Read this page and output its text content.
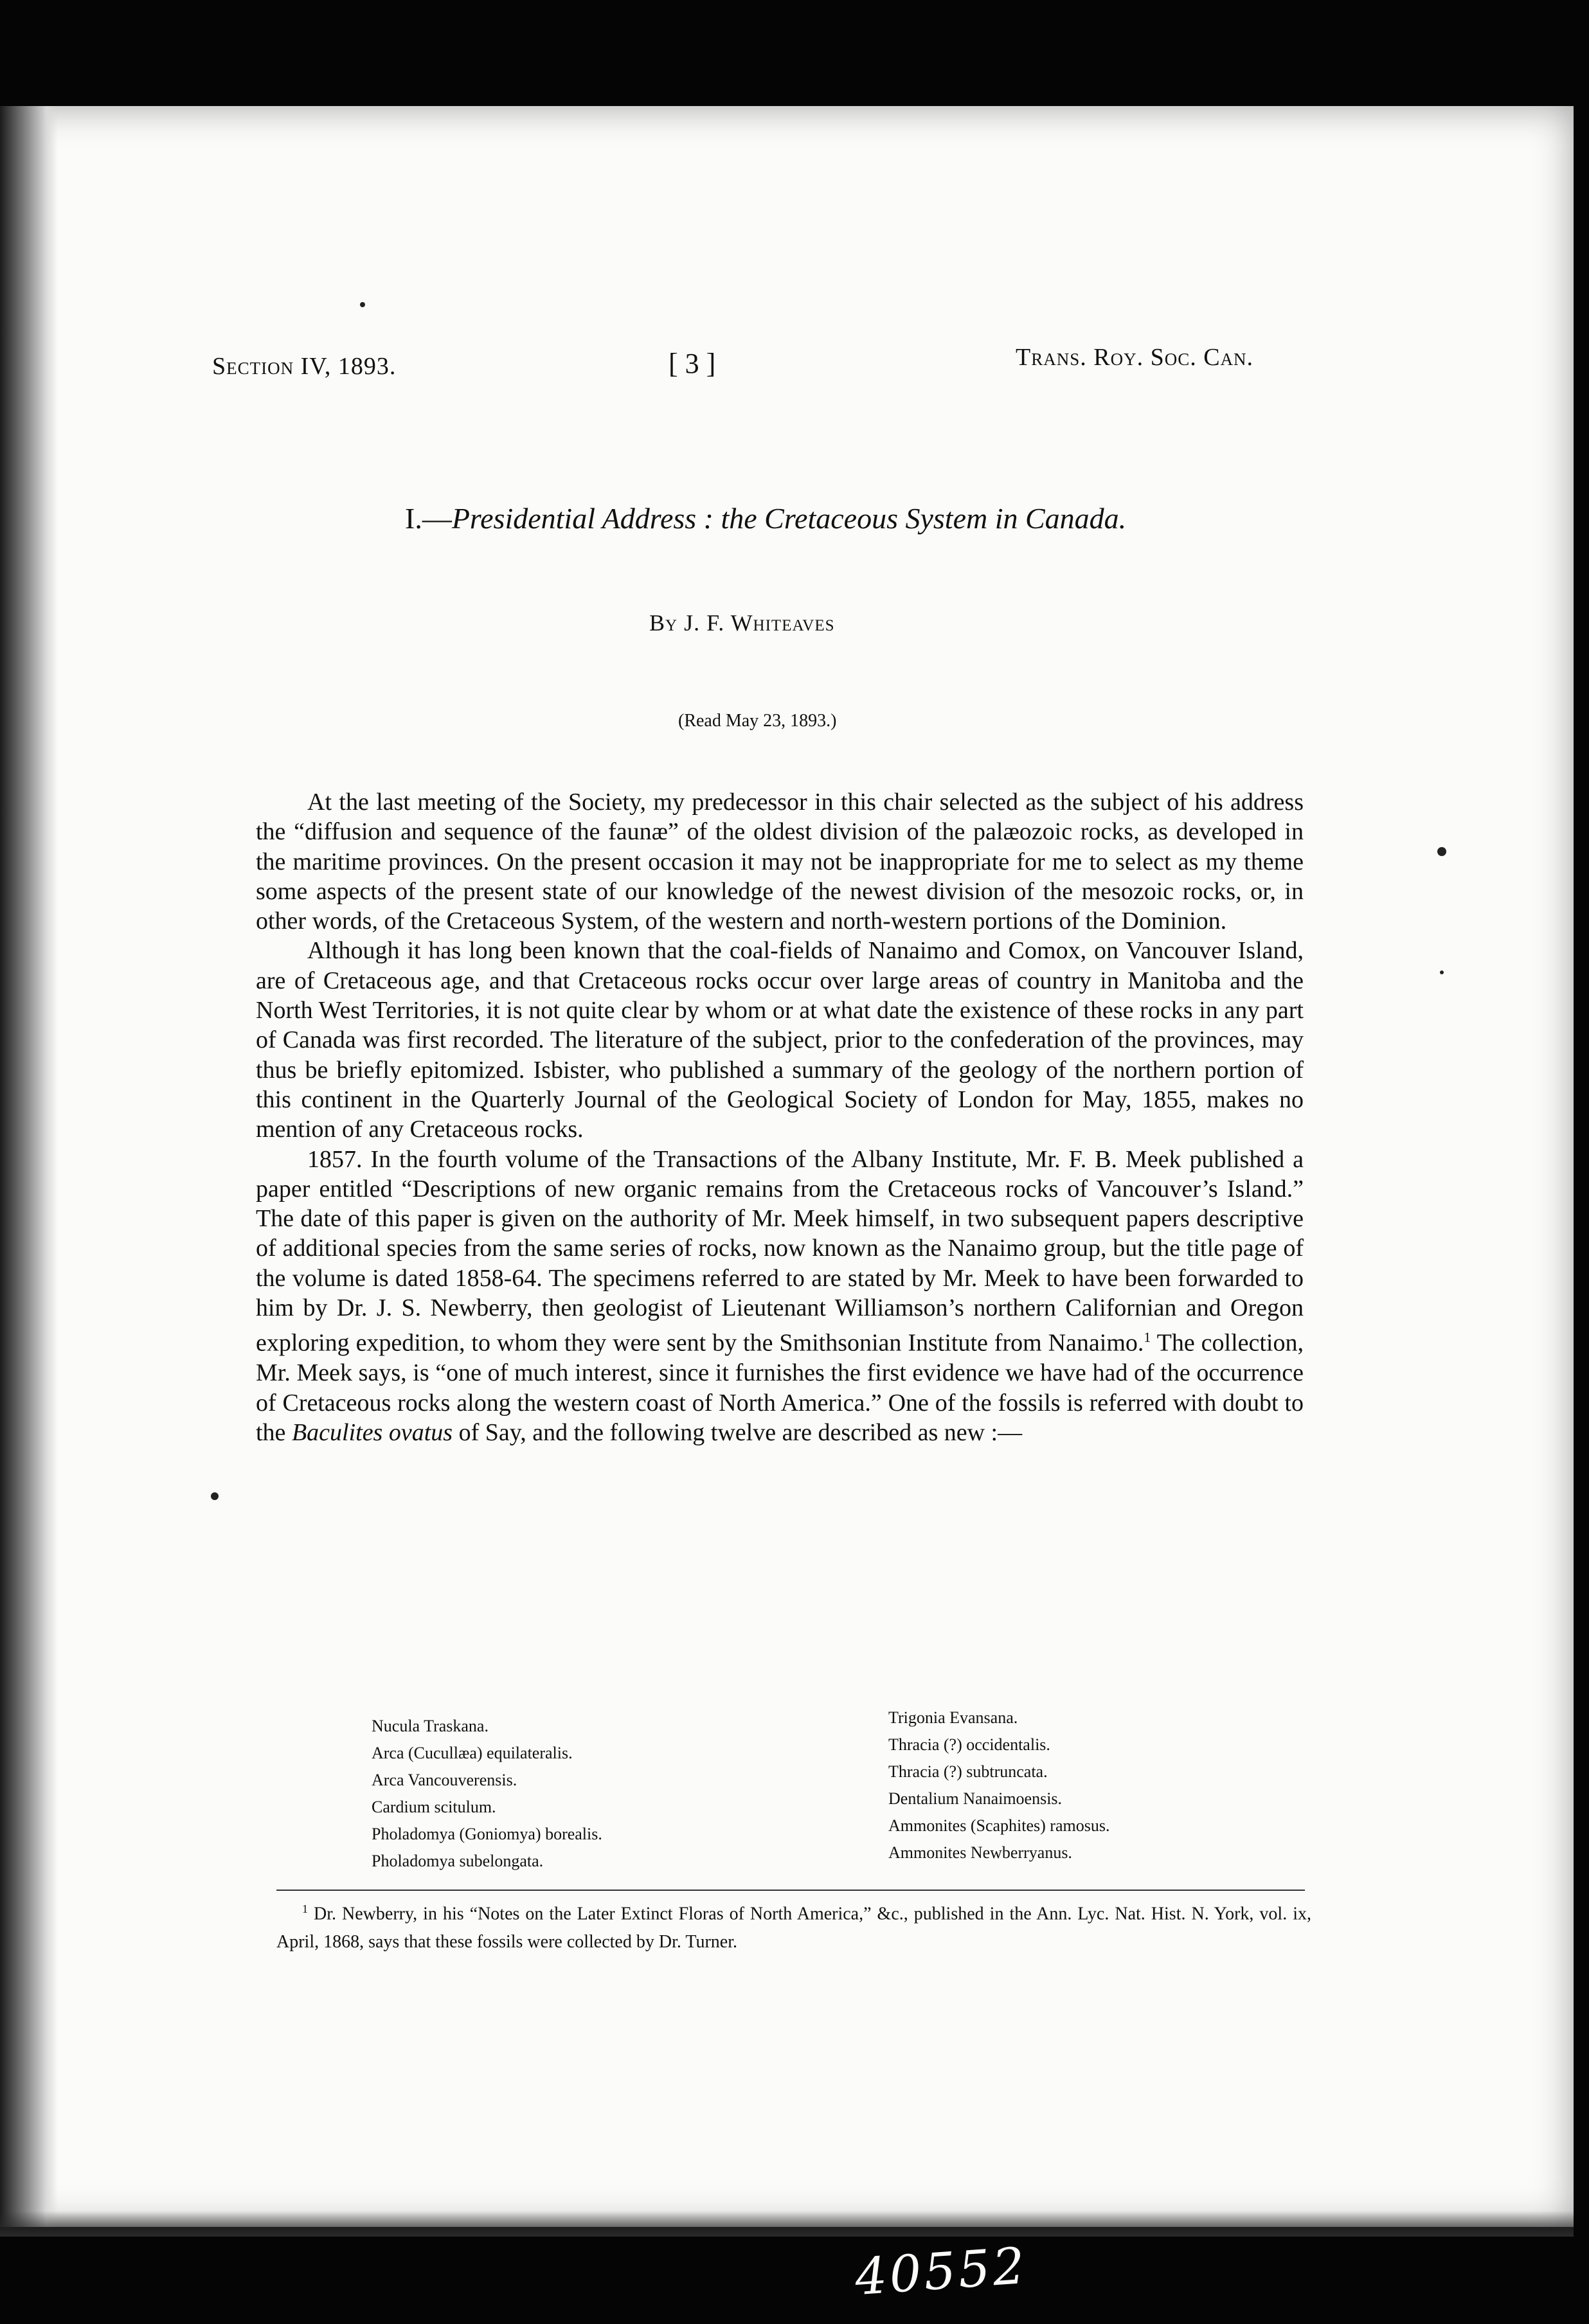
Section IV, 1893.	[ 3 ]	Trans. Roy. Soc. Can.
I.—Presidential Address : the Cretaceous System in Canada.
By J. F. Whiteaves
(Read May 23, 1893.)

At the last meeting of the Society, my predecessor in this chair selected as the subject of his address the “diffusion and sequence of the faunæ” of the oldest division of the palæozoic rocks, as developed in the maritime provinces. On the present occasion it may not be inappropriate for me to select as my theme some aspects of the present state of our knowledge of the newest division of the mesozoic rocks, or, in other words, of the Cretaceous System, of the western and north-western portions of the Dominion.

Although it has long been known that the coal-fields of Nanaimo and Comox, on Vancouver Island, are of Cretaceous age, and that Cretaceous rocks occur over large areas of country in Manitoba and the North West Territories, it is not quite clear by whom or at what date the existence of these rocks in any part of Canada was first recorded. The literature of the subject, prior to the confederation of the provinces, may thus be briefly epitomized. Isbister, who published a summary of the geology of the northern portion of this continent in the Quarterly Journal of the Geological Society of London for May, 1855, makes no mention of any Cretaceous rocks.

1857. In the fourth volume of the Transactions of the Albany Institute, Mr. F. B. Meek published a paper entitled “Descriptions of new organic remains from the Cretaceous rocks of Vancouver’s Island.” The date of this paper is given on the authority of Mr. Meek himself, in two subsequent papers descriptive of additional species from the same series of rocks, now known as the Nanaimo group, but the title page of the volume is dated 1858-64. The specimens referred to are stated by Mr. Meek to have been forwarded to him by Dr. J. S. Newberry, then geologist of Lieutenant Williamson’s northern Californian and Oregon exploring expedition, to whom they were sent by the Smithsonian Institute from Nanaimo.$^1$ The collection, Mr. Meek says, is “one of much interest, since it furnishes the first evidence we have had of the occurrence of Cretaceous rocks along the western coast of North America.” One of the fossils is referred with doubt to the Baculites ovatus of Say, and the following twelve are described as new :—

Nucula Traskana.
Arca (Cucullæa) equilateralis.
Arca Vancouverensis.
Cardium scitulum.
Pholadomya (Goniomya) borealis.
Pholadomya subelongata.
Trigonia Evansana.
Thracia (?) occidentalis.
Thracia (?) subtruncata.
Dentalium Nanaimoensis.
Ammonites (Scaphites) ramosus.
Ammonites Newberryanus.
$^1$ Dr. Newberry, in his “Notes on the Later Extinct Floras of North America,” &c., published in the Ann. Lyc. Nat. Hist. N. York, vol. ix, April, 1868, says that these fossils were collected by Dr. Turner.
40552
